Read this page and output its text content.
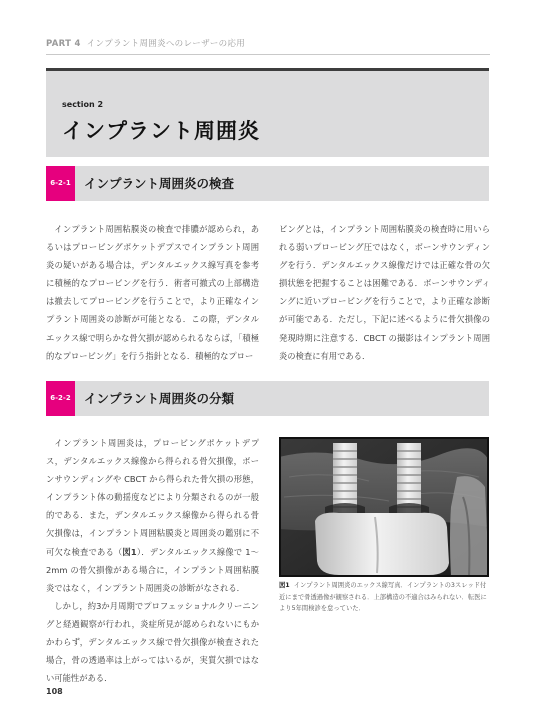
PART 4 インプラント周囲炎へのレーザーの応用
section 2
インプラント周囲炎
6-2-1	インプラント周囲炎の検査

インプラント周囲粘膜炎の検査で排膿が認められ，あるいはプロービングポケットデプスでインプラント周囲炎の疑いがある場合は，デンタルエックス線写真を参考に積極的なプロービングを行う．術者可撤式の上部構造は撤去してプロービングを行うことで，より正確なインプラント周囲炎の診断が可能となる．この際，デンタルエックス線で明らかな骨欠損が認められるならば，「積極的なプロービング」を行う指針となる．積極的なプロー

ビングとは，インプラント周囲粘膜炎の検査時に用いられる弱いプロービング圧ではなく，ボーンサウンディングを行う．デンタルエックス線像だけでは正確な骨の欠損状態を把握することは困難である．ボーンサウンディングに近いプロービングを行うことで，より正確な診断が可能である．ただし，下記に述べるように骨欠損像の発現時期に注意する．CBCT の撮影はインプラント周囲炎の検査に有用である．

6-2-2	インプラント周囲炎の分類

インプラント周囲炎は，プロービングポケットデプス，デンタルエックス線像から得られる骨欠損像，ボーンサウンディングや CBCT から得られた骨欠損の形態，インプラント体の動揺度などにより分類されるのが一般的である．また，デンタルエックス線像から得られる骨欠損像は，インプラント周囲粘膜炎と周囲炎の鑑別に不可欠な検査である（図1）．デンタルエックス線像で 1～2mm の骨欠損像がある場合に，インプラント周囲粘膜炎ではなく，インプラント周囲炎の診断がなされる．

しかし，約3か月周期でプロフェッショナルクリーニングと経過観察が行われ，炎症所見が認められないにもかかわらず，デンタルエックス線で骨欠損像が検査された場合，骨の透過率は上がってはいるが，実質欠損ではない可能性がある．

図1 インプラント周囲炎のエックス線写真．インプラントの3スレッド付近にまで骨透過像が観察される．上部構造の不適合はみられない．転医により5年間検診を怠っていた．
108
